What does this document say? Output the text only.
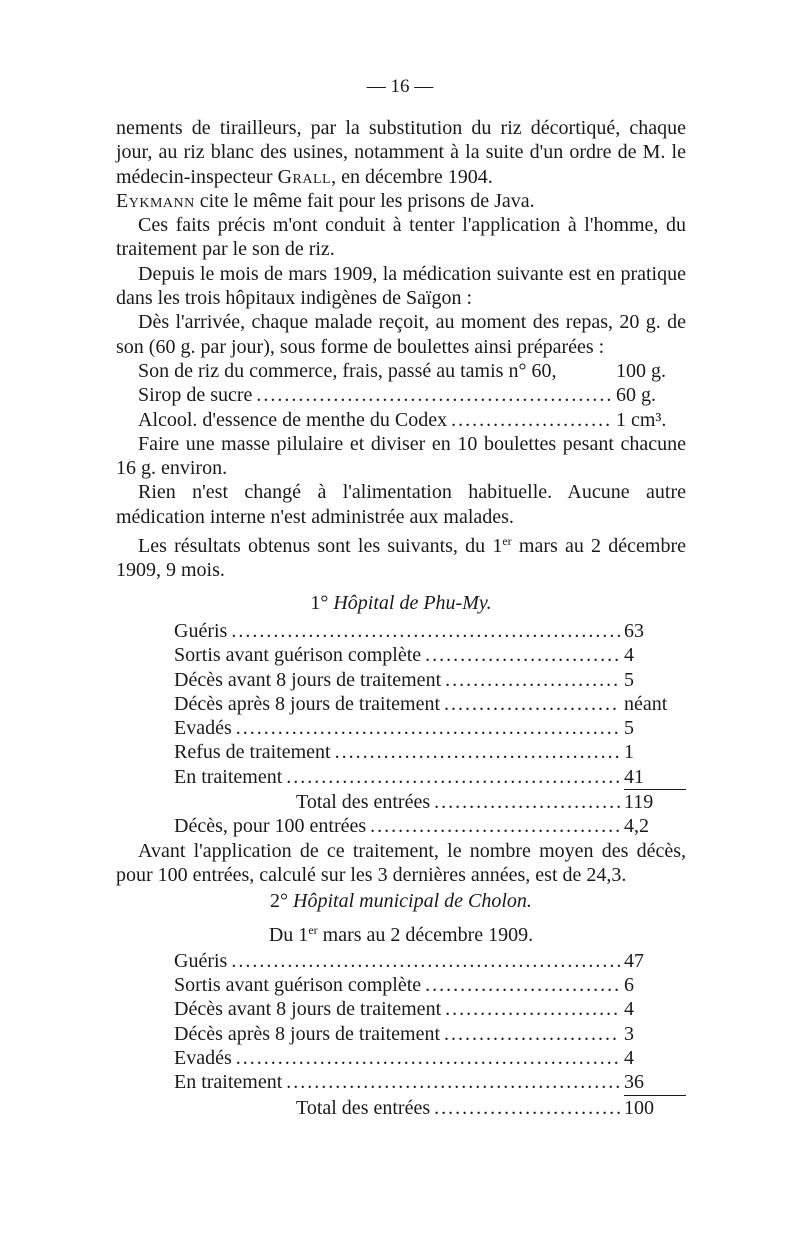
— 16 —

nements de tirailleurs, par la substitution du riz décortiqué, chaque jour, au riz blanc des usines, notamment à la suite d'un ordre de M. le médecin-inspecteur Grall, en décembre 1904.

Eykmann cite le même fait pour les prisons de Java.

Ces faits précis m'ont conduit à tenter l'application à l'homme, du traitement par le son de riz.

Depuis le mois de mars 1909, la médication suivante est en pratique dans les trois hôpitaux indigènes de Saïgon :

Dès l'arrivée, chaque malade reçoit, au moment des repas, 20 g. de son (60 g. par jour), sous forme de boulettes ainsi préparées :

Son de riz du commerce, frais, passé au tamis n° 60,	100 g.
Sirop de sucre .....	60 g.
Alcool. d'essence de menthe du Codex .....	1 cm³.

Faire une masse pilulaire et diviser en 10 boulettes pesant chacune 16 g. environ.

Rien n'est changé à l'alimentation habituelle. Aucune autre médication interne n'est administrée aux malades.

Les résultats obtenus sont les suivants, du 1er mars au 2 décembre 1909, 9 mois.

1° Hôpital de Phu-My.
Guéris .....	63
Sortis avant guérison complète .....	4
Décès avant 8 jours de traitement .....	5
Décès après 8 jours de traitement .....	néant
Evadés .....	5
Refus de traitement .....	1
En traitement .....	41
Total des entrées .....	119
Décès, pour 100 entrées .....	4,2

Avant l'application de ce traitement, le nombre moyen des décès, pour 100 entrées, calculé sur les 3 dernières années, est de 24,3.

2° Hôpital municipal de Cholon.
Du 1er mars au 2 décembre 1909.
Guéris .....	47
Sortis avant guérison complète .....	6
Décès avant 8 jours de traitement .....	4
Décès après 8 jours de traitement .....	3
Evadés .....	4
En traitement .....	36
Total des entrées .....	100
